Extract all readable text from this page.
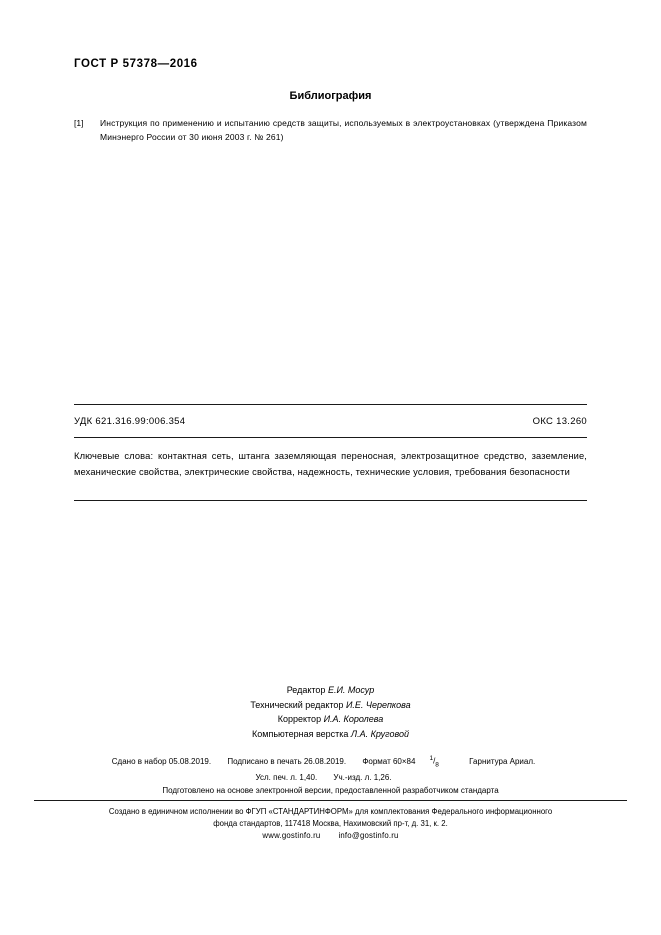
ГОСТ Р 57378—2016
Библиография
[1]	Инструкция по применению и испытанию средств защиты, используемых в электроустановках (утверждена Приказом Минэнерго России от 30 июня 2003 г. № 261)
УДК 621.316.99:006.354	ОКС 13.260
Ключевые слова: контактная сеть, штанга заземляющая переносная, электрозащитное средство, заземление, механические свойства, электрические свойства, надежность, технические условия, требования безопасности
Редактор Е.И. Мосур
Технический редактор И.Е. Черепкова
Корректор И.А. Королева
Компьютерная верстка Л.А. Круговой
Сдано в набор 05.08.2019. Подписано в печать 26.08.2019. Формат 60×84 $^1/_8$	Гарнитура Ариал.
Усл. печ. л. 1,40. Уч.-изд. л. 1,26.
Подготовлено на основе электронной версии, предоставленной разработчиком стандарта
Создано в единичном исполнении во ФГУП «СТАНДАРТИНФОРМ» для комплектования Федерального информационного
фонда стандартов, 117418 Москва, Нахимовский пр-т, д. 31, к. 2.
www.gostinfo.ru info@gostinfo.ru
